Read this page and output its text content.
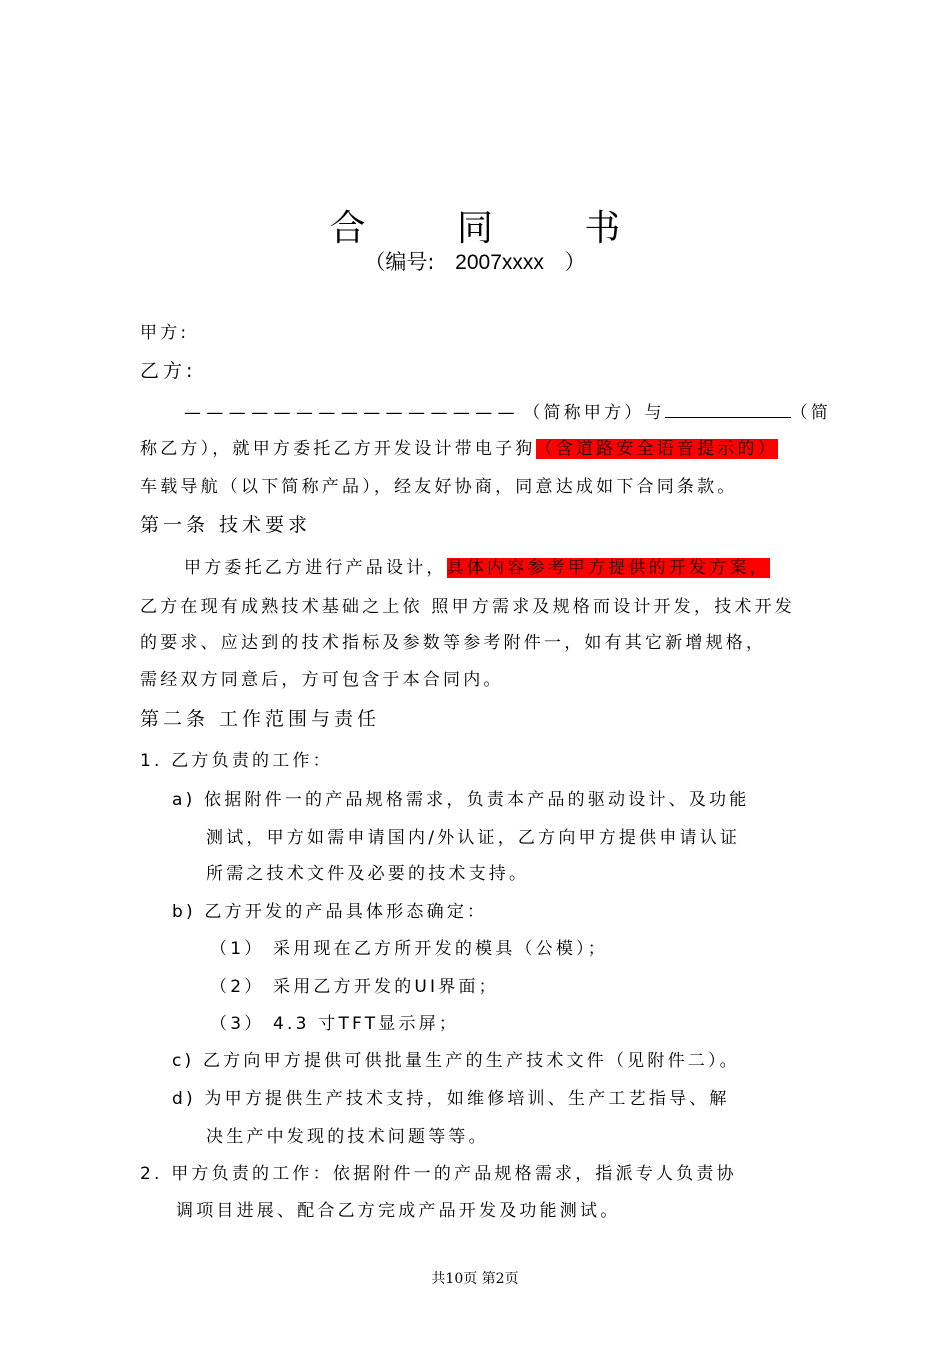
合 同 书
（编号: 2007xxxx ）
甲方:
乙方:
— — — — — — — — — — — — — — — （简称甲方）与	（简
称乙方），就甲方委托乙方开发设计带电子狗（含道路安全语音提示的）
车载导航（以下简称产品），经友好协商，同意达成如下合同条款。
第一条 技术要求
甲方委托乙方进行产品设计，具体内容参考甲方提供的开发方案，
乙方在现有成熟技术基础之上依 照甲方需求及规格而设计开发，技术开发
的要求、应达到的技术指标及参数等参考附件一，如有其它新增规格，
需经双方同意后，方可包含于本合同内。
第二条 工作范围与责任
1. 乙方负责的工作：
a) 依据附件一的产品规格需求，负责本产品的驱动设计、及功能
测试，甲方如需申请国内/外认证，乙方向甲方提供申请认证
所需之技术文件及必要的技术支持。
b) 乙方开发的产品具体形态确定：
（1） 采用现在乙方所开发的模具（公模）；
（2） 采用乙方开发的UI界面；
（3） 4.3 寸TFT显示屏；
c) 乙方向甲方提供可供批量生产的生产技术文件（见附件二）。
d) 为甲方提供生产技术支持，如维修培训、生产工艺指导、解
决生产中发现的技术问题等等。
2. 甲方负责的工作：依据附件一的产品规格需求，指派专人负责协
调项目进展、配合乙方完成产品开发及功能测试。
共10页 第2页
